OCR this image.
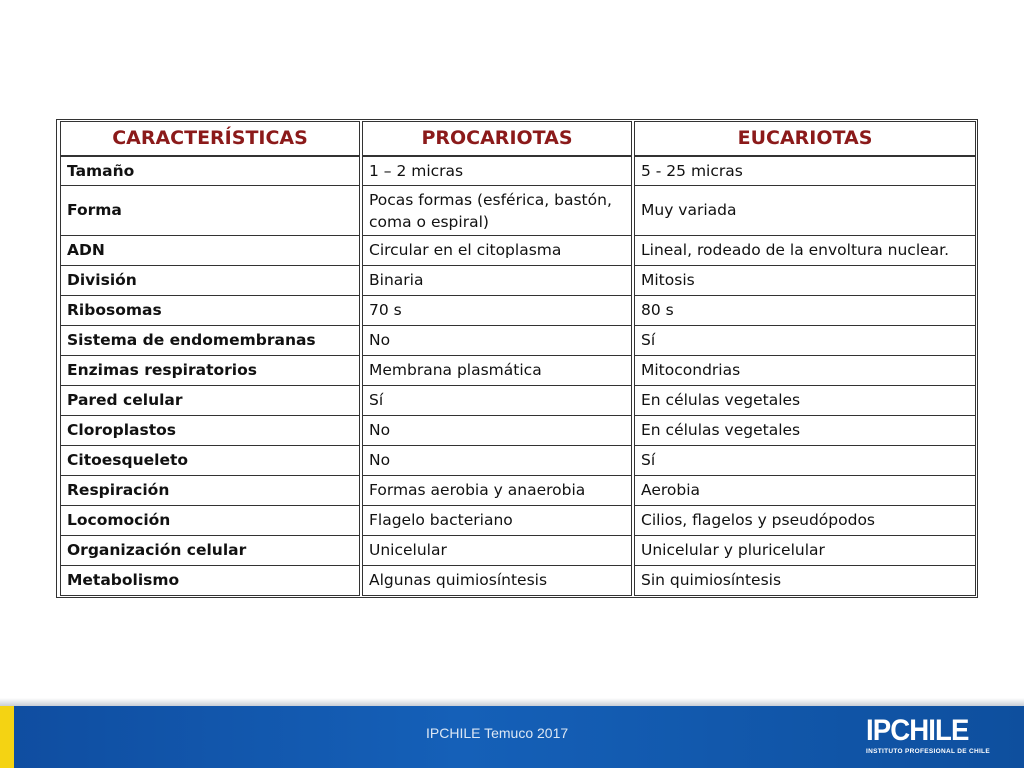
CARACTERÍSTICAS	PROCARIOTAS	EUCARIOTAS
Tamaño	1 – 2 micras	5 - 25 micras
Forma	Pocas formas (esférica, bastón, coma o espiral)	Muy variada
ADN	Circular en el citoplasma	Lineal, rodeado de la envoltura nuclear.
División	Binaria	Mitosis
Ribosomas	70 s	80 s
Sistema de endomembranas	No	Sí
Enzimas respiratorios	Membrana plasmática	Mitocondrias
Pared celular	Sí	En células vegetales
Cloroplastos	No	En células vegetales
Citoesqueleto	No	Sí
Respiración	Formas aerobia y anaerobia	Aerobia
Locomoción	Flagelo bacteriano	Cilios, flagelos y pseudópodos
Organización celular	Unicelular	Unicelular y pluricelular
Metabolismo	Algunas quimiosíntesis	Sin quimiosíntesis
IPCHILE Temuco 2017	IPCHILE
INSTITUTO PROFESIONAL DE CHILE
